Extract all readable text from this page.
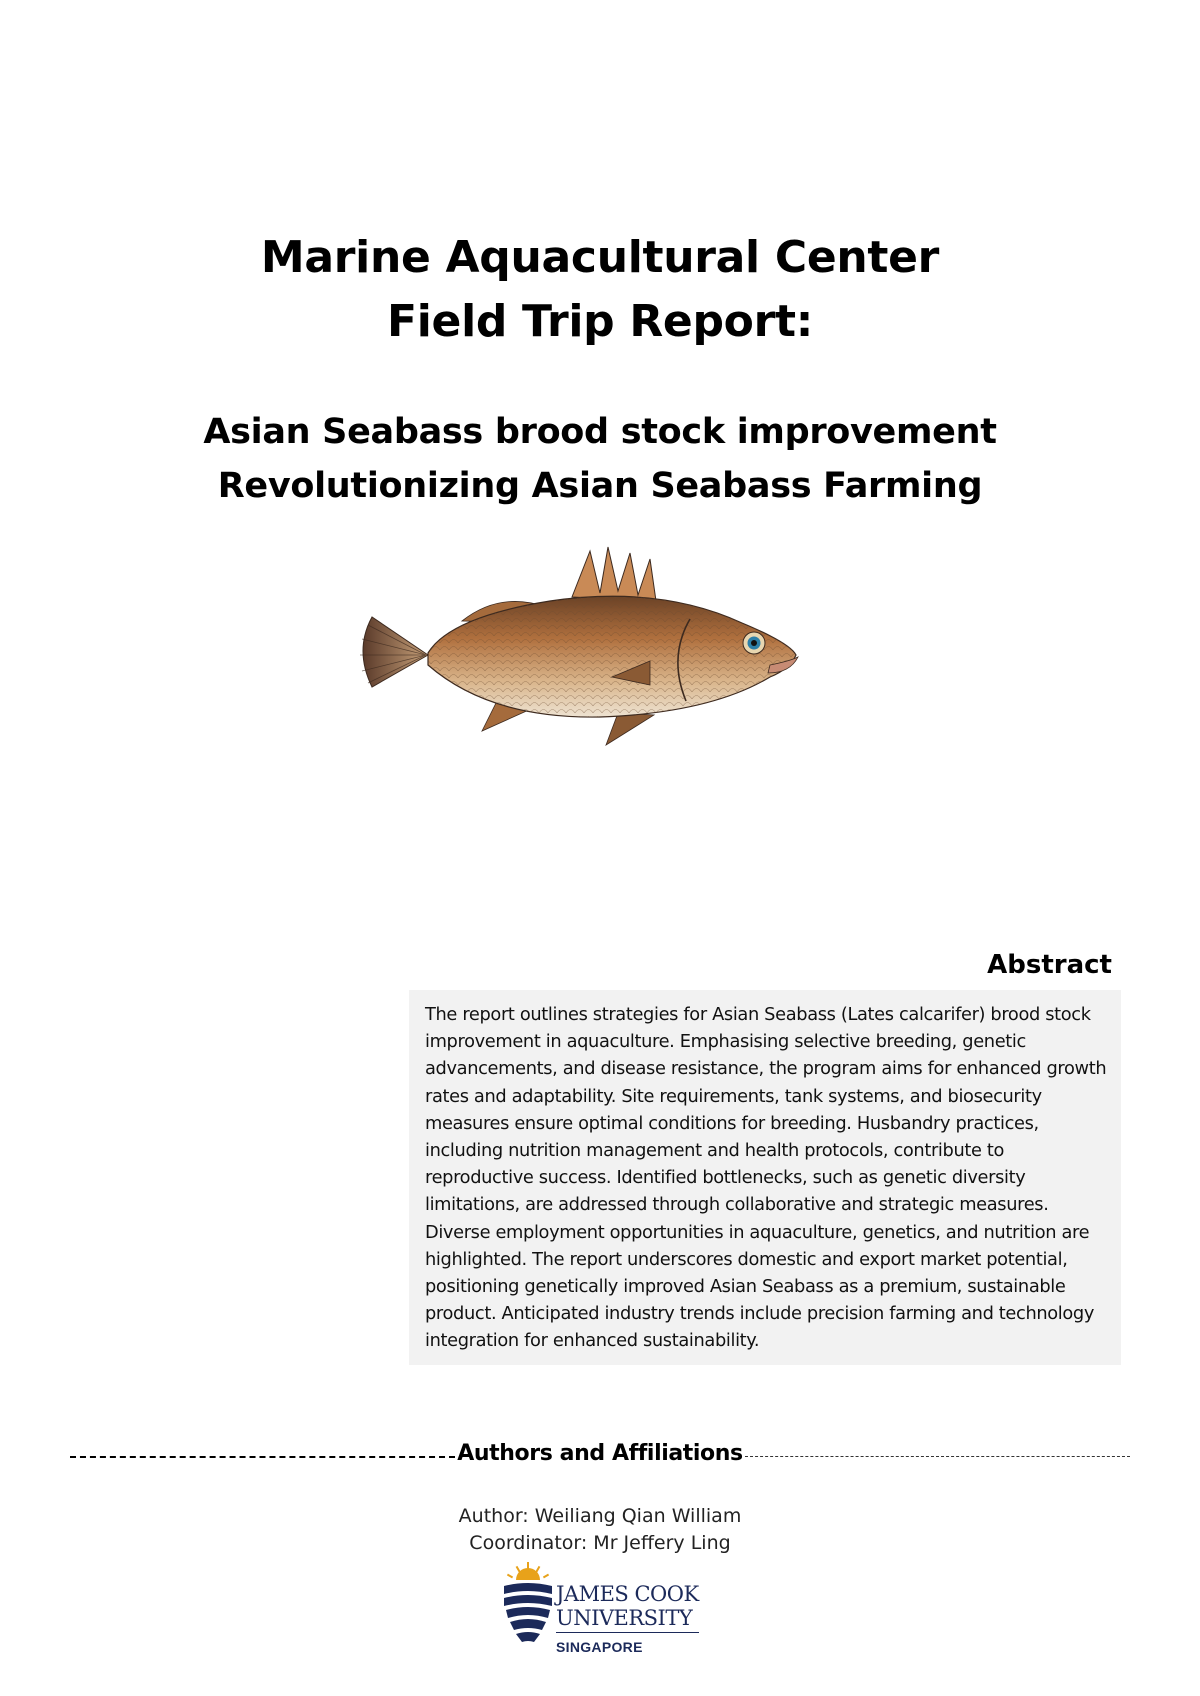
Marine Aquacultural Center
Field Trip Report:
Asian Seabass brood stock improvement
Revolutionizing Asian Seabass Farming
Abstract

The report outlines strategies for Asian Seabass (Lates calcarifer) brood stock improvement in aquaculture. Emphasising selective breeding, genetic advancements, and disease resistance, the program aims for enhanced growth rates and adaptability. Site requirements, tank systems, and biosecurity measures ensure optimal conditions for breeding. Husbandry practices, including nutrition management and health protocols, contribute to reproductive success. Identified bottlenecks, such as genetic diversity limitations, are addressed through collaborative and strategic measures. Diverse employment opportunities in aquaculture, genetics, and nutrition are highlighted. The report underscores domestic and export market potential, positioning genetically improved Asian Seabass as a premium, sustainable product. Anticipated industry trends include precision farming and technology integration for enhanced sustainability.

Authors and Affiliations
Author: Weiliang Qian William
Coordinator: Mr Jeffery Ling
JAMES COOK
UNIVERSITY
SINGAPORE
